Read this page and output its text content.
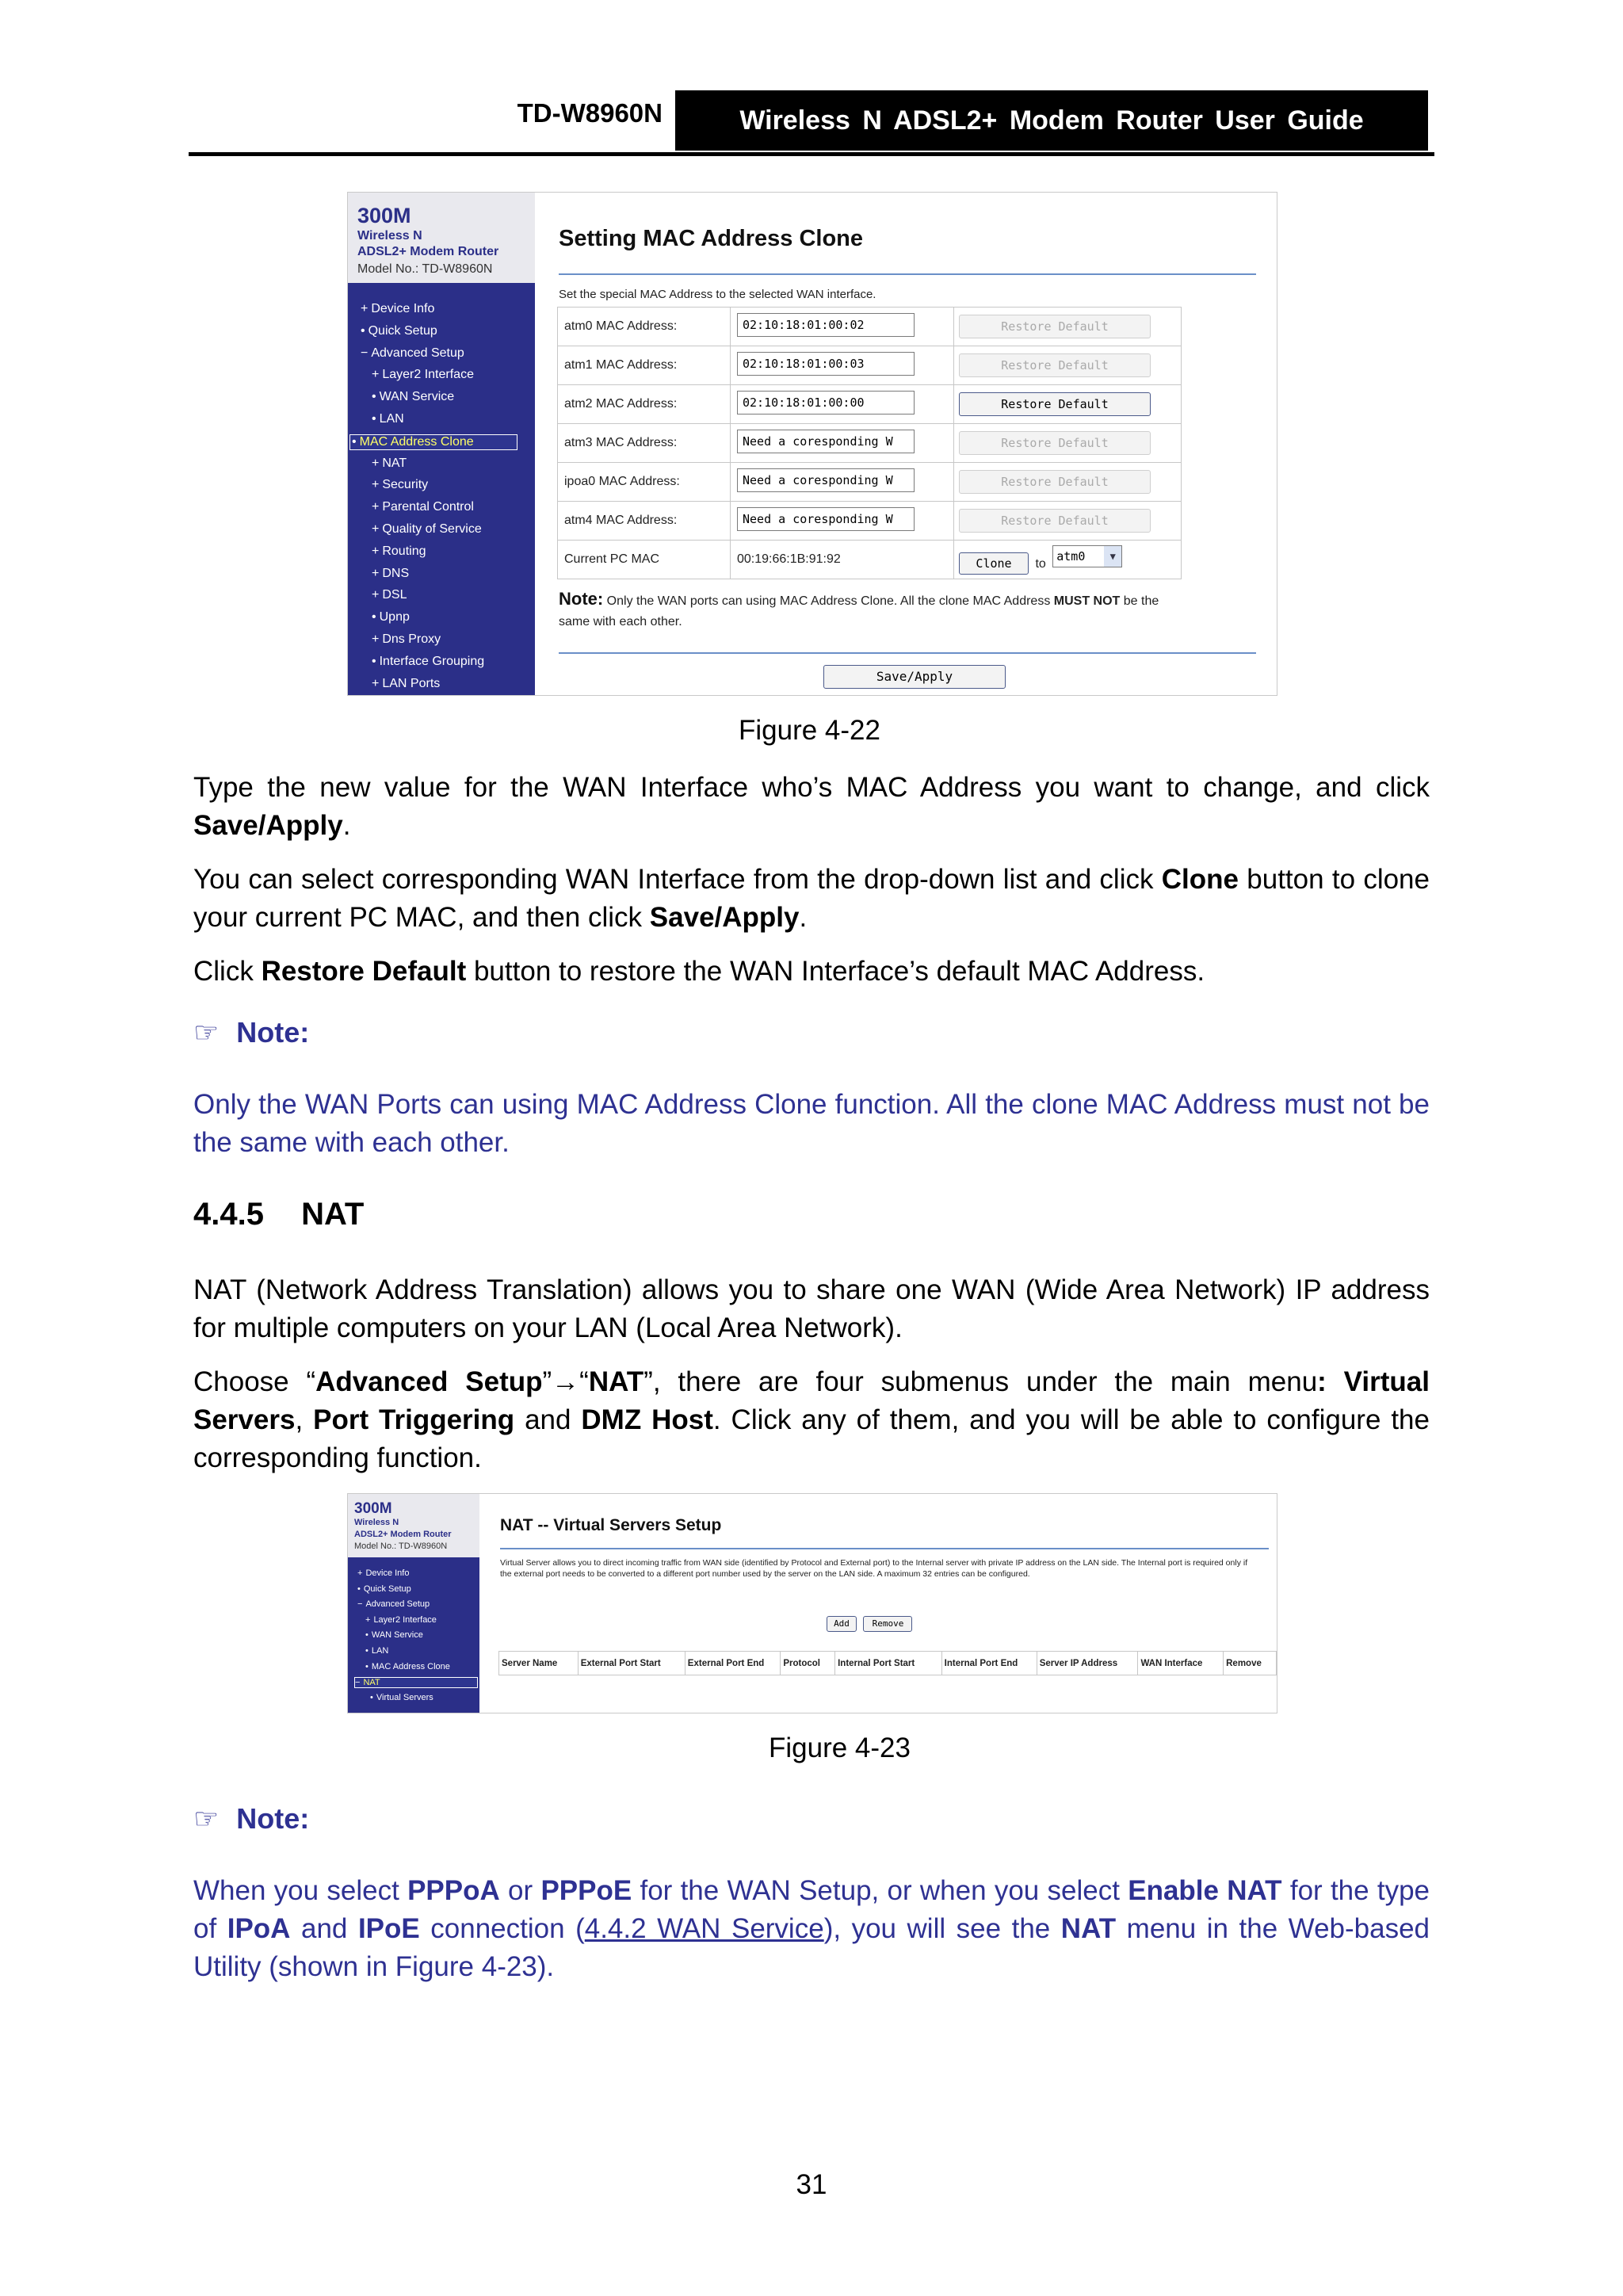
TD-W8960N	Wireless N ADSL2+ Modem Router User Guide
300M
Wireless N
ADSL2+ Modem Router
Model No.: TD-W8960N
+ Device Info
• Quick Setup
− Advanced Setup
+ Layer2 Interface
• WAN Service
• LAN
• MAC Address Clone
+ NAT
+ Security
+ Parental Control
+ Quality of Service
+ Routing
+ DNS
+ DSL
• Upnp
+ Dns Proxy
• Interface Grouping
+ LAN Ports
Setting MAC Address Clone
Set the special MAC Address to the selected WAN interface.
atm0 MAC Address:	02:10:18:01:00:02	Restore Default
atm1 MAC Address:	02:10:18:01:00:03	Restore Default
atm2 MAC Address:	02:10:18:01:00:00	Restore Default
atm3 MAC Address:	Need a coresponding W	Restore Default
ipoa0 MAC Address:	Need a coresponding W	Restore Default
atm4 MAC Address:	Need a coresponding W	Restore Default
Current PC MAC	00:19:66:1B:91:92	Clone to atm0 ▼
Note: Only the WAN ports can using MAC Address Clone. All the clone MAC Address MUST NOT be the
same with each other.
Save/Apply
Figure 4-22
Type the new value for the WAN Interface who’s MAC Address you want to change, and click Save/Apply.
You can select corresponding WAN Interface from the drop-down list and click Clone button to clone your current PC MAC, and then click Save/Apply.
Click Restore Default button to restore the WAN Interface’s default MAC Address.
☞ Note:
Only the WAN Ports can using MAC Address Clone function. All the clone MAC Address must not be the same with each other.
4.4.5 NAT
NAT (Network Address Translation) allows you to share one WAN (Wide Area Network) IP address for multiple computers on your LAN (Local Area Network).
Choose “Advanced Setup”→“NAT”, there are four submenus under the main menu: Virtual Servers, Port Triggering and DMZ Host. Click any of them, and you will be able to configure the corresponding function.
300M
Wireless N
ADSL2+ Modem Router
Model No.: TD-W8960N
+ Device Info
• Quick Setup
− Advanced Setup
+ Layer2 Interface
• WAN Service
• LAN
• MAC Address Clone
− NAT
• Virtual Servers
NAT -- Virtual Servers Setup
Virtual Server allows you to direct incoming traffic from WAN side (identified by Protocol and External port) to the Internal server with private IP address on the LAN side. The Internal port is required only if the external port needs to be converted to a different port number used by the server on the LAN side. A maximum 32 entries can be configured.
Add	Remove
Server Name	External Port Start	External Port End	Protocol	Internal Port Start	Internal Port End	Server IP Address	WAN Interface	Remove
Figure 4-23
☞ Note:
When you select PPPoA or PPPoE for the WAN Setup, or when you select Enable NAT for the type of IPoA and IPoE connection (4.4.2 WAN Service), you will see the NAT menu in the Web-based Utility (shown in Figure 4-23).
31
